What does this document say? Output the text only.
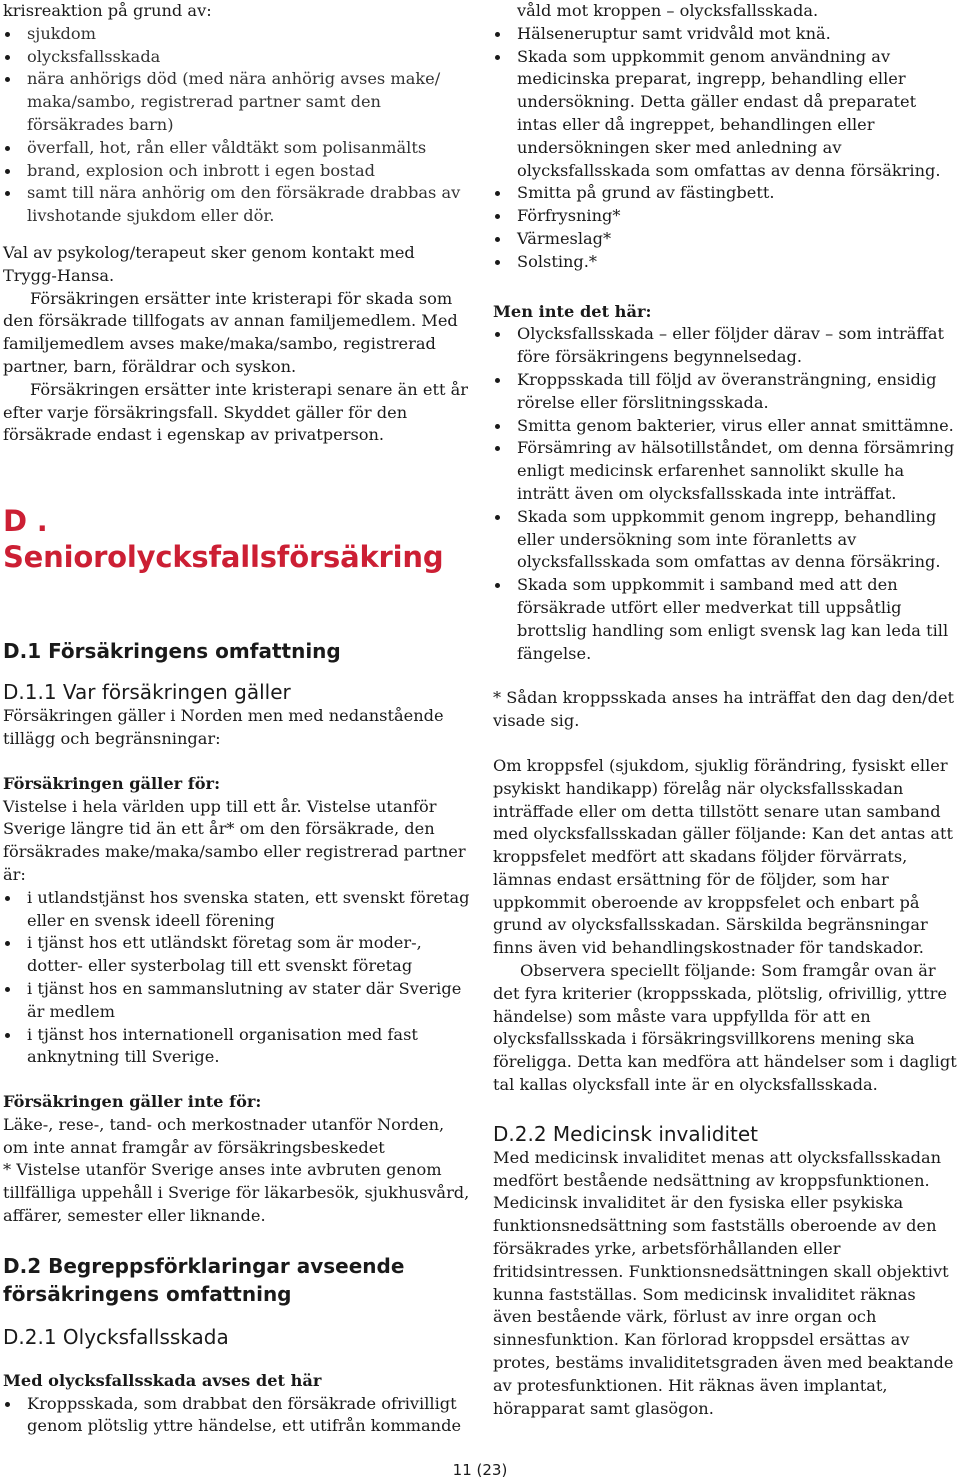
krisreaktion på grund av:

sjukdom
olycksfallsskada
nära anhörigs död (med nära anhörig avses make/ maka/sambo, registrerad partner samt den försäkrades barn)
överfall, hot, rån eller våldtäkt som polisanmälts
brand, explosion och inbrott i egen bostad
samt till nära anhörig om den försäkrade drabbas av livshotande sjukdom eller dör.

Val av psykolog/terapeut sker genom kontakt med Trygg-Hansa.

Försäkringen ersätter inte kristerapi för skada som den försäkrade tillfogats av annan familjemedlem. Med familjemedlem avses make/maka/sambo, registrerad partner, barn, föräldrar och syskon.

Försäkringen ersätter inte kristerapi senare än ett år efter varje försäkringsfall. Skyddet gäller för den försäkrade endast i egenskap av privatperson.

D . Seniorolycksfallsförsäkring
D.1 Försäkringens omfattning
D.1.1 Var försäkringen gäller

Försäkringen gäller i Norden men med nedanstående tillägg och begränsningar:

Försäkringen gäller för:

Vistelse i hela världen upp till ett år. Vistelse utanför Sverige längre tid än ett år* om den försäkrade, den försäkrades make/maka/sambo eller registrerad partner är:

i utlandstjänst hos svenska staten, ett svenskt företag eller en svensk ideell förening
i tjänst hos ett utländskt företag som är moder-, dotter- eller systerbolag till ett svenskt företag
i tjänst hos en sammanslutning av stater där Sverige är medlem
i tjänst hos internationell organisation med fast anknytning till Sverige.

Försäkringen gäller inte för:

Läke-, rese-, tand- och merkostnader utanför Norden, om inte annat framgår av försäkringsbeskedet

* Vistelse utanför Sverige anses inte avbruten genom tillfälliga uppehåll i Sverige för läkarbesök, sjukhusvård, affärer, semester eller liknande.

D.2 Begreppsförklaringar avseende försäkringens omfattning
D.2.1 Olycksfallsskada

Med olycksfallsskada avses det här

Kroppsskada, som drabbat den försäkrade ofrivilligt genom plötslig yttre händelse, ett utifrån kommande

våld mot kroppen – olycksfallsskada.

Hälseneruptur samt vridvåld mot knä.
Skada som uppkommit genom användning av medicinska preparat, ingrepp, behandling eller undersökning. Detta gäller endast då preparatet intas eller då ingreppet, behandlingen eller undersökningen sker med anledning av olycksfallsskada som omfattas av denna försäkring.
Smitta på grund av fästingbett.
Förfrysning*
Värmeslag*
Solsting.*

Men inte det här:

Olycksfallsskada – eller följder därav – som inträffat före försäkringens begynnelsedag.
Kroppsskada till följd av överansträngning, ensidig rörelse eller förslitningsskada.
Smitta genom bakterier, virus eller annat smittämne.
Försämring av hälsotillståndet, om denna försämring enligt medicinsk erfarenhet sannolikt skulle ha inträtt även om olycksfallsskada inte inträffat.
Skada som uppkommit genom ingrepp, behandling eller undersökning som inte föranletts av olycksfallsskada som omfattas av denna försäkring.
Skada som uppkommit i samband med att den försäkrade utfört eller medverkat till uppsåtlig brottslig handling som enligt svensk lag kan leda till fängelse.

* Sådan kroppsskada anses ha inträffat den dag den/det visade sig.

Om kroppsfel (sjukdom, sjuklig förändring, fysiskt eller psykiskt handikapp) förelåg när olycksfallsskadan inträffade eller om detta tillstött senare utan samband med olycksfallsskadan gäller följande: Kan det antas att kroppsfelet medfört att skadans följder förvärrats, lämnas endast ersättning för de följder, som har uppkommit oberoende av kroppsfelet och enbart på grund av olycksfallsskadan. Särskilda begränsningar finns även vid behandlingskostnader för tandskador.

Observera speciellt följande: Som framgår ovan är det fyra kriterier (kroppsskada, plötslig, ofrivillig, yttre händelse) som måste vara uppfyllda för att en olycksfallsskada i försäkringsvillkorens mening ska föreligga. Detta kan medföra att händelser som i dagligt tal kallas olycksfall inte är en olycksfallsskada.

D.2.2 Medicinsk invaliditet

Med medicinsk invaliditet menas att olycksfallsskadan medfört bestående nedsättning av kroppsfunktionen. Medicinsk invaliditet är den fysiska eller psykiska funktionsnedsättning som fastställs oberoende av den försäkrades yrke, arbetsförhållanden eller fritidsintressen. Funktionsnedsättningen skall objektivt kunna fastställas. Som medicinsk invaliditet räknas även bestående värk, förlust av inre organ och sinnesfunktion. Kan förlorad kroppsdel ersättas av protes, bestäms invaliditetsgraden även med beaktande av protesfunktionen. Hit räknas även implantat, hörapparat samt glasögon.

11 (23)
